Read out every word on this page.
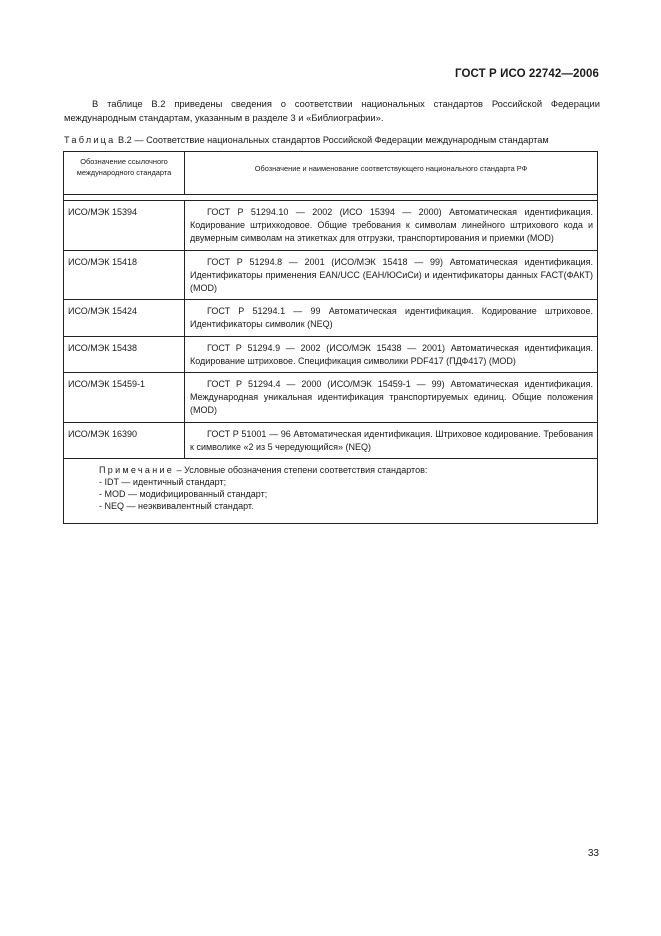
ГОСТ Р ИСО 22742—2006
В таблице В.2 приведены сведения о соответствии национальных стандартов Российской Федерации международным стандартам, указанным в разделе 3 и «Библиографии».
Таблица В.2 — Соответствие национальных стандартов Российской Федерации международным стандартам
Обозначение ссылочного международного стандарта	Обозначение и наименование соответствующего национального стандарта РФ
ИСО/МЭК 15394	ГОСТ Р 51294.10 — 2002 (ИСО 15394 — 2000) Автоматическая идентификация. Кодирование штрихкодовое. Общие требования к символам линейного штрихового кода и двумерным символам на этикетках для отгрузки, транспортирования и приемки (MOD)
ИСО/МЭК 15418	ГОСТ Р 51294.8 — 2001 (ИСО/МЭК 15418 — 99) Автоматическая идентификация. Идентификаторы применения EAN/UCC (ЕАН/ЮСиСи) и идентификаторы данных FACT(ФАКТ) (MOD)
ИСО/МЭК 15424	ГОСТ Р 51294.1 — 99 Автоматическая идентификация. Кодирование штриховое. Идентификаторы символик (NEQ)
ИСО/МЭК 15438	ГОСТ Р 51294.9 — 2002 (ИСО/МЭК 15438 — 2001) Автоматическая идентификация. Кодирование штриховое. Спецификация символики PDF417 (ПДФ417) (MOD)
ИСО/МЭК 15459-1	ГОСТ Р 51294.4 — 2000 (ИСО/МЭК 15459-1 — 99) Автоматическая идентификация. Международная уникальная идентификация транспортируемых единиц. Общие положения (MOD)
ИСО/МЭК 16390	ГОСТ Р 51001 — 96 Автоматическая идентификация. Штриховое кодирование. Требования к символике «2 из 5 чередующийся» (NEQ)
Примечание – Условные обозначения степени соответствия стандартов:
- IDT — идентичный стандарт;
- MOD — модифицированный стандарт;
- NEQ — неэквивалентный стандарт.
33
